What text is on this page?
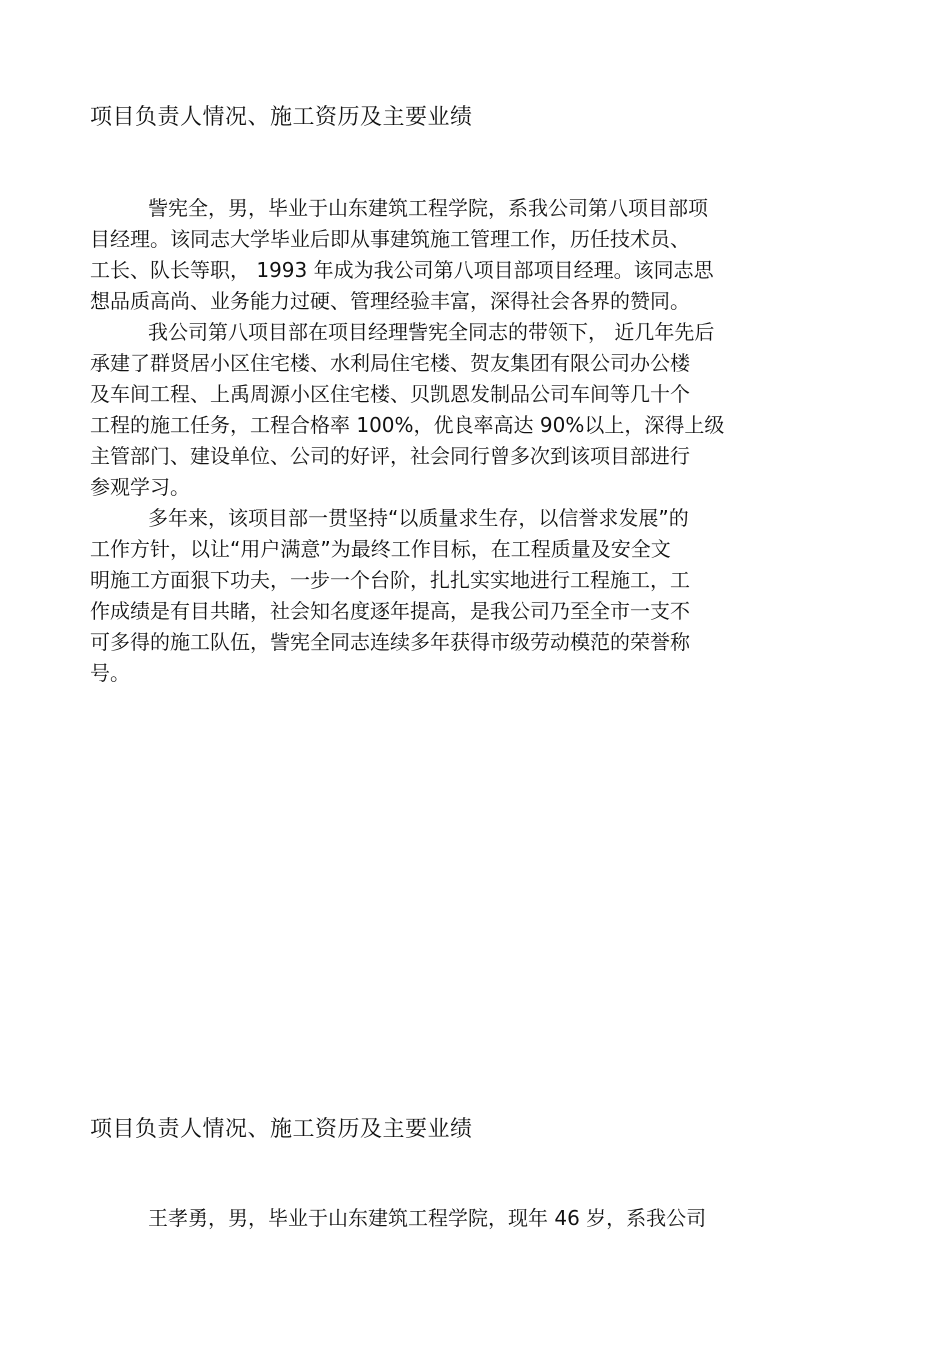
项目负责人情况、施工资历及主要业绩
訾宪全，男，毕业于山东建筑工程学院，系我公司第八项目部项
目经理。该同志大学毕业后即从事建筑施工管理工作，历任技术员、
工长、队长等职， 1993 年成为我公司第八项目部项目经理。该同志思
想品质高尚、业务能力过硬、管理经验丰富，深得社会各界的赞同。
我公司第八项目部在项目经理訾宪全同志的带领下， 近几年先后
承建了群贤居小区住宅楼、水利局住宅楼、贺友集团有限公司办公楼
及车间工程、上禹周源小区住宅楼、贝凯恩发制品公司车间等几十个
工程的施工任务，工程合格率 100%，优良率高达 90%以上，深得上级
主管部门、建设单位、公司的好评，社会同行曾多次到该项目部进行
参观学习。
多年来，该项目部一贯坚持“以质量求生存，以信誉求发展”的
工作方针，以让“用户满意”为最终工作目标，在工程质量及安全文
明施工方面狠下功夫，一步一个台阶，扎扎实实地进行工程施工，工
作成绩是有目共睹，社会知名度逐年提高，是我公司乃至全市一支不
可多得的施工队伍，訾宪全同志连续多年获得市级劳动模范的荣誉称
号。
项目负责人情况、施工资历及主要业绩
王孝勇，男，毕业于山东建筑工程学院，现年 46 岁，系我公司
